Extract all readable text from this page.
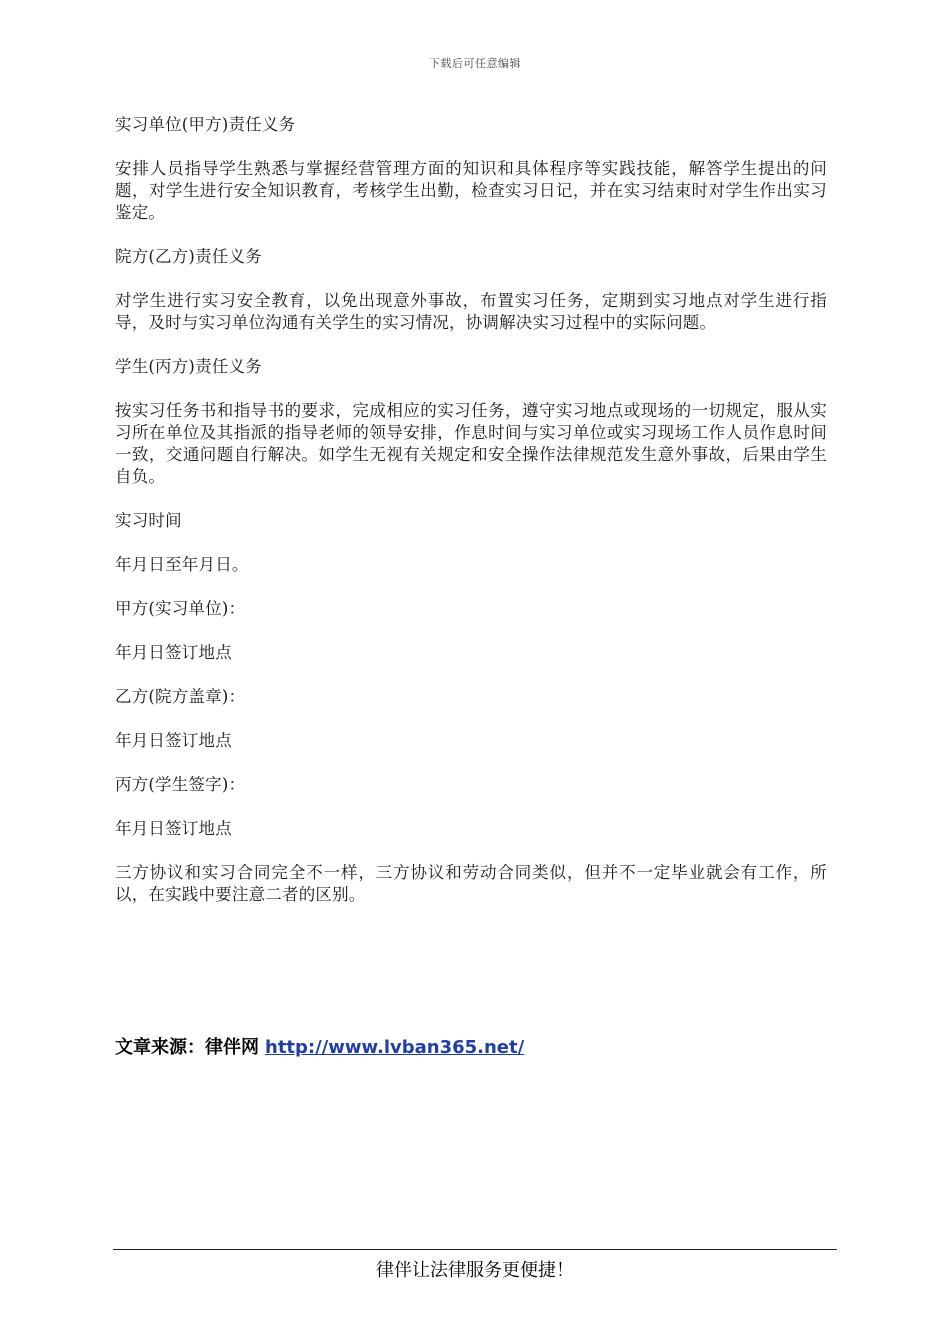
下载后可任意编辑

实习单位(甲方)责任义务

安排人员指导学生熟悉与掌握经营管理方面的知识和具体程序等实践技能，解答学生提出的问题，对学生进行安全知识教育，考核学生出勤，检查实习日记，并在实习结束时对学生作出实习鉴定。

院方(乙方)责任义务

对学生进行实习安全教育，以免出现意外事故，布置实习任务，定期到实习地点对学生进行指导，及时与实习单位沟通有关学生的实习情况，协调解决实习过程中的实际问题。

学生(丙方)责任义务

按实习任务书和指导书的要求，完成相应的实习任务，遵守实习地点或现场的一切规定，服从实习所在单位及其指派的指导老师的领导安排，作息时间与实习单位或实习现场工作人员作息时间一致，交通问题自行解决。如学生无视有关规定和安全操作法律规范发生意外事故，后果由学生自负。

实习时间

年月日至年月日。

甲方(实习单位)：

年月日签订地点

乙方(院方盖章)：

年月日签订地点

丙方(学生签字)：

年月日签订地点

三方协议和实习合同完全不一样，三方协议和劳动合同类似，但并不一定毕业就会有工作，所以，在实践中要注意二者的区别。

文章来源：律伴网 http://www.lvban365.net/
律伴让法律服务更便捷！
